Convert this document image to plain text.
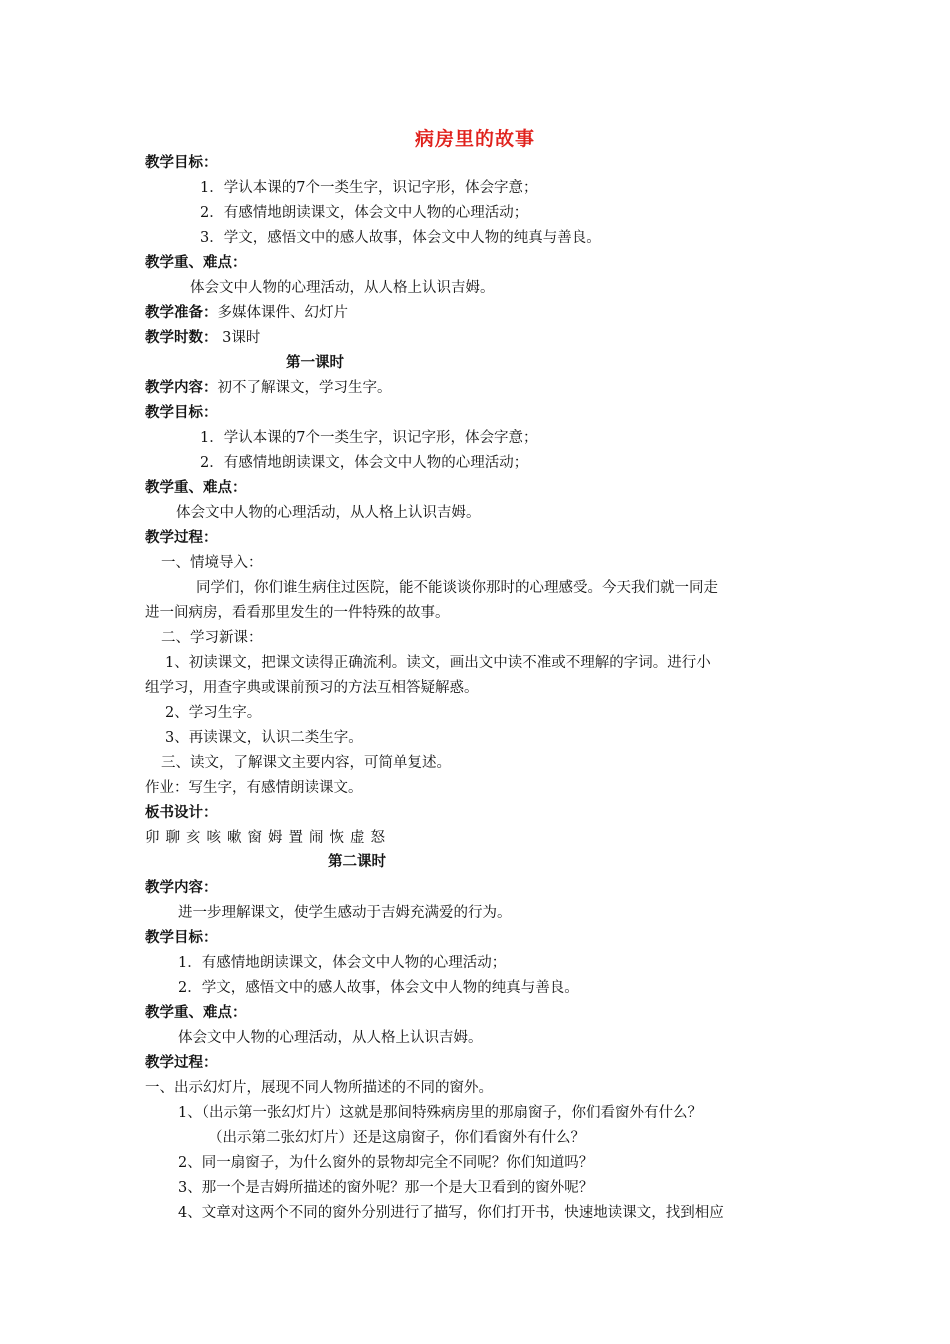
病房里的故事
教学目标：
1．学认本课的7个一类生字，识记字形，体会字意；
2．有感情地朗读课文，体会文中人物的心理活动；
3．学文，感悟文中的感人故事，体会文中人物的纯真与善良。
教学重、难点：
体会文中人物的心理活动，从人格上认识吉姆。
教学准备：多媒体课件、幻灯片
教学时数： 3课时
第一课时
教学内容：初不了解课文，学习生字。
教学目标：
1．学认本课的7个一类生字，识记字形，体会字意；
2．有感情地朗读课文，体会文中人物的心理活动；
教学重、难点：
体会文中人物的心理活动，从人格上认识吉姆。
教学过程：
一、情境导入：
同学们，你们谁生病住过医院，能不能谈谈你那时的心理感受。今天我们就一同走
进一间病房，看看那里发生的一件特殊的故事。
二、学习新课：
1、初读课文，把课文读得正确流利。读文，画出文中读不准或不理解的字词。进行小
组学习，用查字典或课前预习的方法互相答疑解惑。
2、学习生字。
3、再读课文，认识二类生字。
三、读文，了解课文主要内容，可简单复述。
作业：写生字，有感情朗读课文。
板书设计：
卯聊亥咳嗽窗姆置闹恢虚怒
第二课时
教学内容：
进一步理解课文，使学生感动于吉姆充满爱的行为。
教学目标：
1．有感情地朗读课文，体会文中人物的心理活动；
2．学文，感悟文中的感人故事，体会文中人物的纯真与善良。
教学重、难点：
体会文中人物的心理活动，从人格上认识吉姆。
教学过程：
一、出示幻灯片，展现不同人物所描述的不同的窗外。
1、（出示第一张幻灯片）这就是那间特殊病房里的那扇窗子，你们看窗外有什么？
（出示第二张幻灯片）还是这扇窗子，你们看窗外有什么？
2、同一扇窗子，为什么窗外的景物却完全不同呢？你们知道吗？
3、那一个是吉姆所描述的窗外呢？那一个是大卫看到的窗外呢？
4、文章对这两个不同的窗外分别进行了描写，你们打开书，快速地读课文，找到相应
